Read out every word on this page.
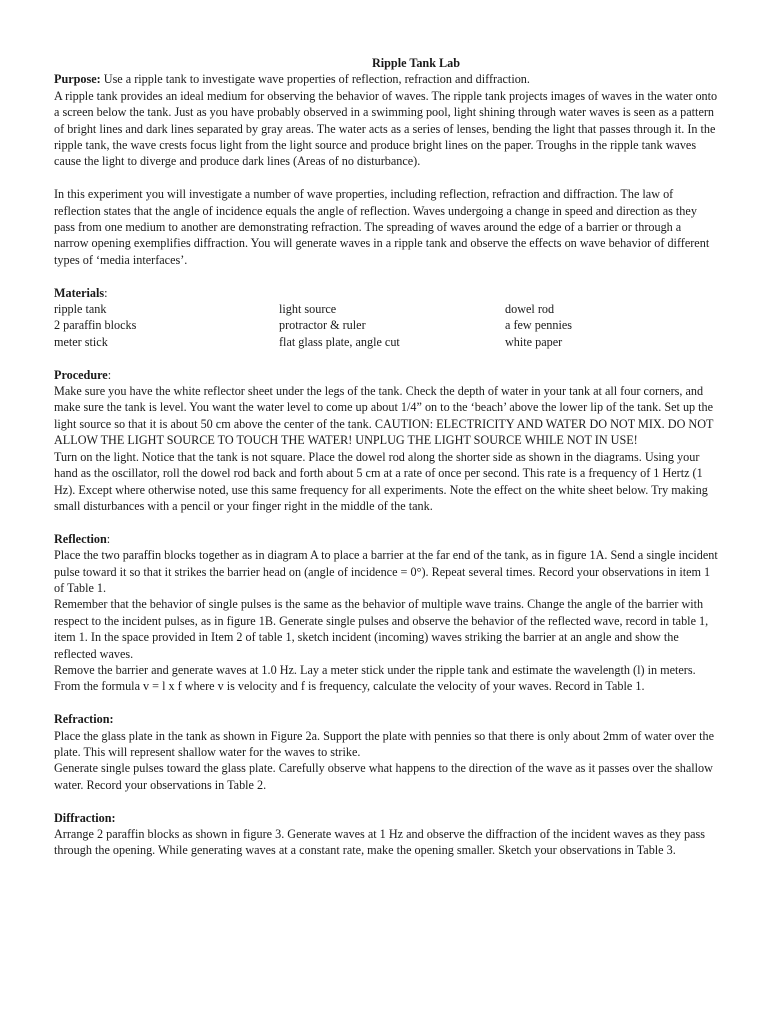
Ripple Tank Lab

Purpose: Use a ripple tank to investigate wave properties of reflection, refraction and diffraction.

A ripple tank provides an ideal medium for observing the behavior of waves. The ripple tank projects images of waves in the water onto a screen below the tank. Just as you have probably observed in a swimming pool, light shining through water waves is seen as a pattern of bright lines and dark lines separated by gray areas. The water acts as a series of lenses, bending the light that passes through it. In the ripple tank, the wave crests focus light from the light source and produce bright lines on the paper. Troughs in the ripple tank waves cause the light to diverge and produce dark lines (Areas of no disturbance).

In this experiment you will investigate a number of wave properties, including reflection, refraction and diffraction. The law of reflection states that the angle of incidence equals the angle of reflection. Waves undergoing a change in speed and direction as they pass from one medium to another are demonstrating refraction. The spreading of waves around the edge of a barrier or through a narrow opening exemplifies diffraction. You will generate waves in a ripple tank and observe the effects on wave behavior of different types of ‘media interfaces’.

Materials:

ripple tank
2 paraffin blocks
meter stick
light source
protractor & ruler
flat glass plate, angle cut
dowel rod
a few pennies
white paper

Procedure:

Make sure you have the white reflector sheet under the legs of the tank. Check the depth of water in your tank at all four corners, and make sure the tank is level. You want the water level to come up about 1/4” on to the ‘beach’ above the lower lip of the tank. Set up the light source so that it is about 50 cm above the center of the tank. CAUTION: ELECTRICITY AND WATER DO NOT MIX. DO NOT ALLOW THE LIGHT SOURCE TO TOUCH THE WATER! UNPLUG THE LIGHT SOURCE WHILE NOT IN USE!

Turn on the light. Notice that the tank is not square. Place the dowel rod along the shorter side as shown in the diagrams. Using your hand as the oscillator, roll the dowel rod back and forth about 5 cm at a rate of once per second. This rate is a frequency of 1 Hertz (1 Hz). Except where otherwise noted, use this same frequency for all experiments. Note the effect on the white sheet below. Try making small disturbances with a pencil or your finger right in the middle of the tank.

Reflection:

Place the two paraffin blocks together as in diagram A to place a barrier at the far end of the tank, as in figure 1A. Send a single incident pulse toward it so that it strikes the barrier head on (angle of incidence = 0°). Repeat several times. Record your observations in item 1 of Table 1.

Remember that the behavior of single pulses is the same as the behavior of multiple wave trains. Change the angle of the barrier with respect to the incident pulses, as in figure 1B. Generate single pulses and observe the behavior of the reflected wave, record in table 1, item 1. In the space provided in Item 2 of table 1, sketch incident (incoming) waves striking the barrier at an angle and show the reflected waves.

Remove the barrier and generate waves at 1.0 Hz. Lay a meter stick under the ripple tank and estimate the wavelength (l) in meters. From the formula v = l x f where v is velocity and f is frequency, calculate the velocity of your waves. Record in Table 1.

Refraction:

Place the glass plate in the tank as shown in Figure 2a. Support the plate with pennies so that there is only about 2mm of water over the plate. This will represent shallow water for the waves to strike.

Generate single pulses toward the glass plate. Carefully observe what happens to the direction of the wave as it passes over the shallow water. Record your observations in Table 2.

Diffraction:

Arrange 2 paraffin blocks as shown in figure 3. Generate waves at 1 Hz and observe the diffraction of the incident waves as they pass through the opening. While generating waves at a constant rate, make the opening smaller. Sketch your observations in Table 3.
